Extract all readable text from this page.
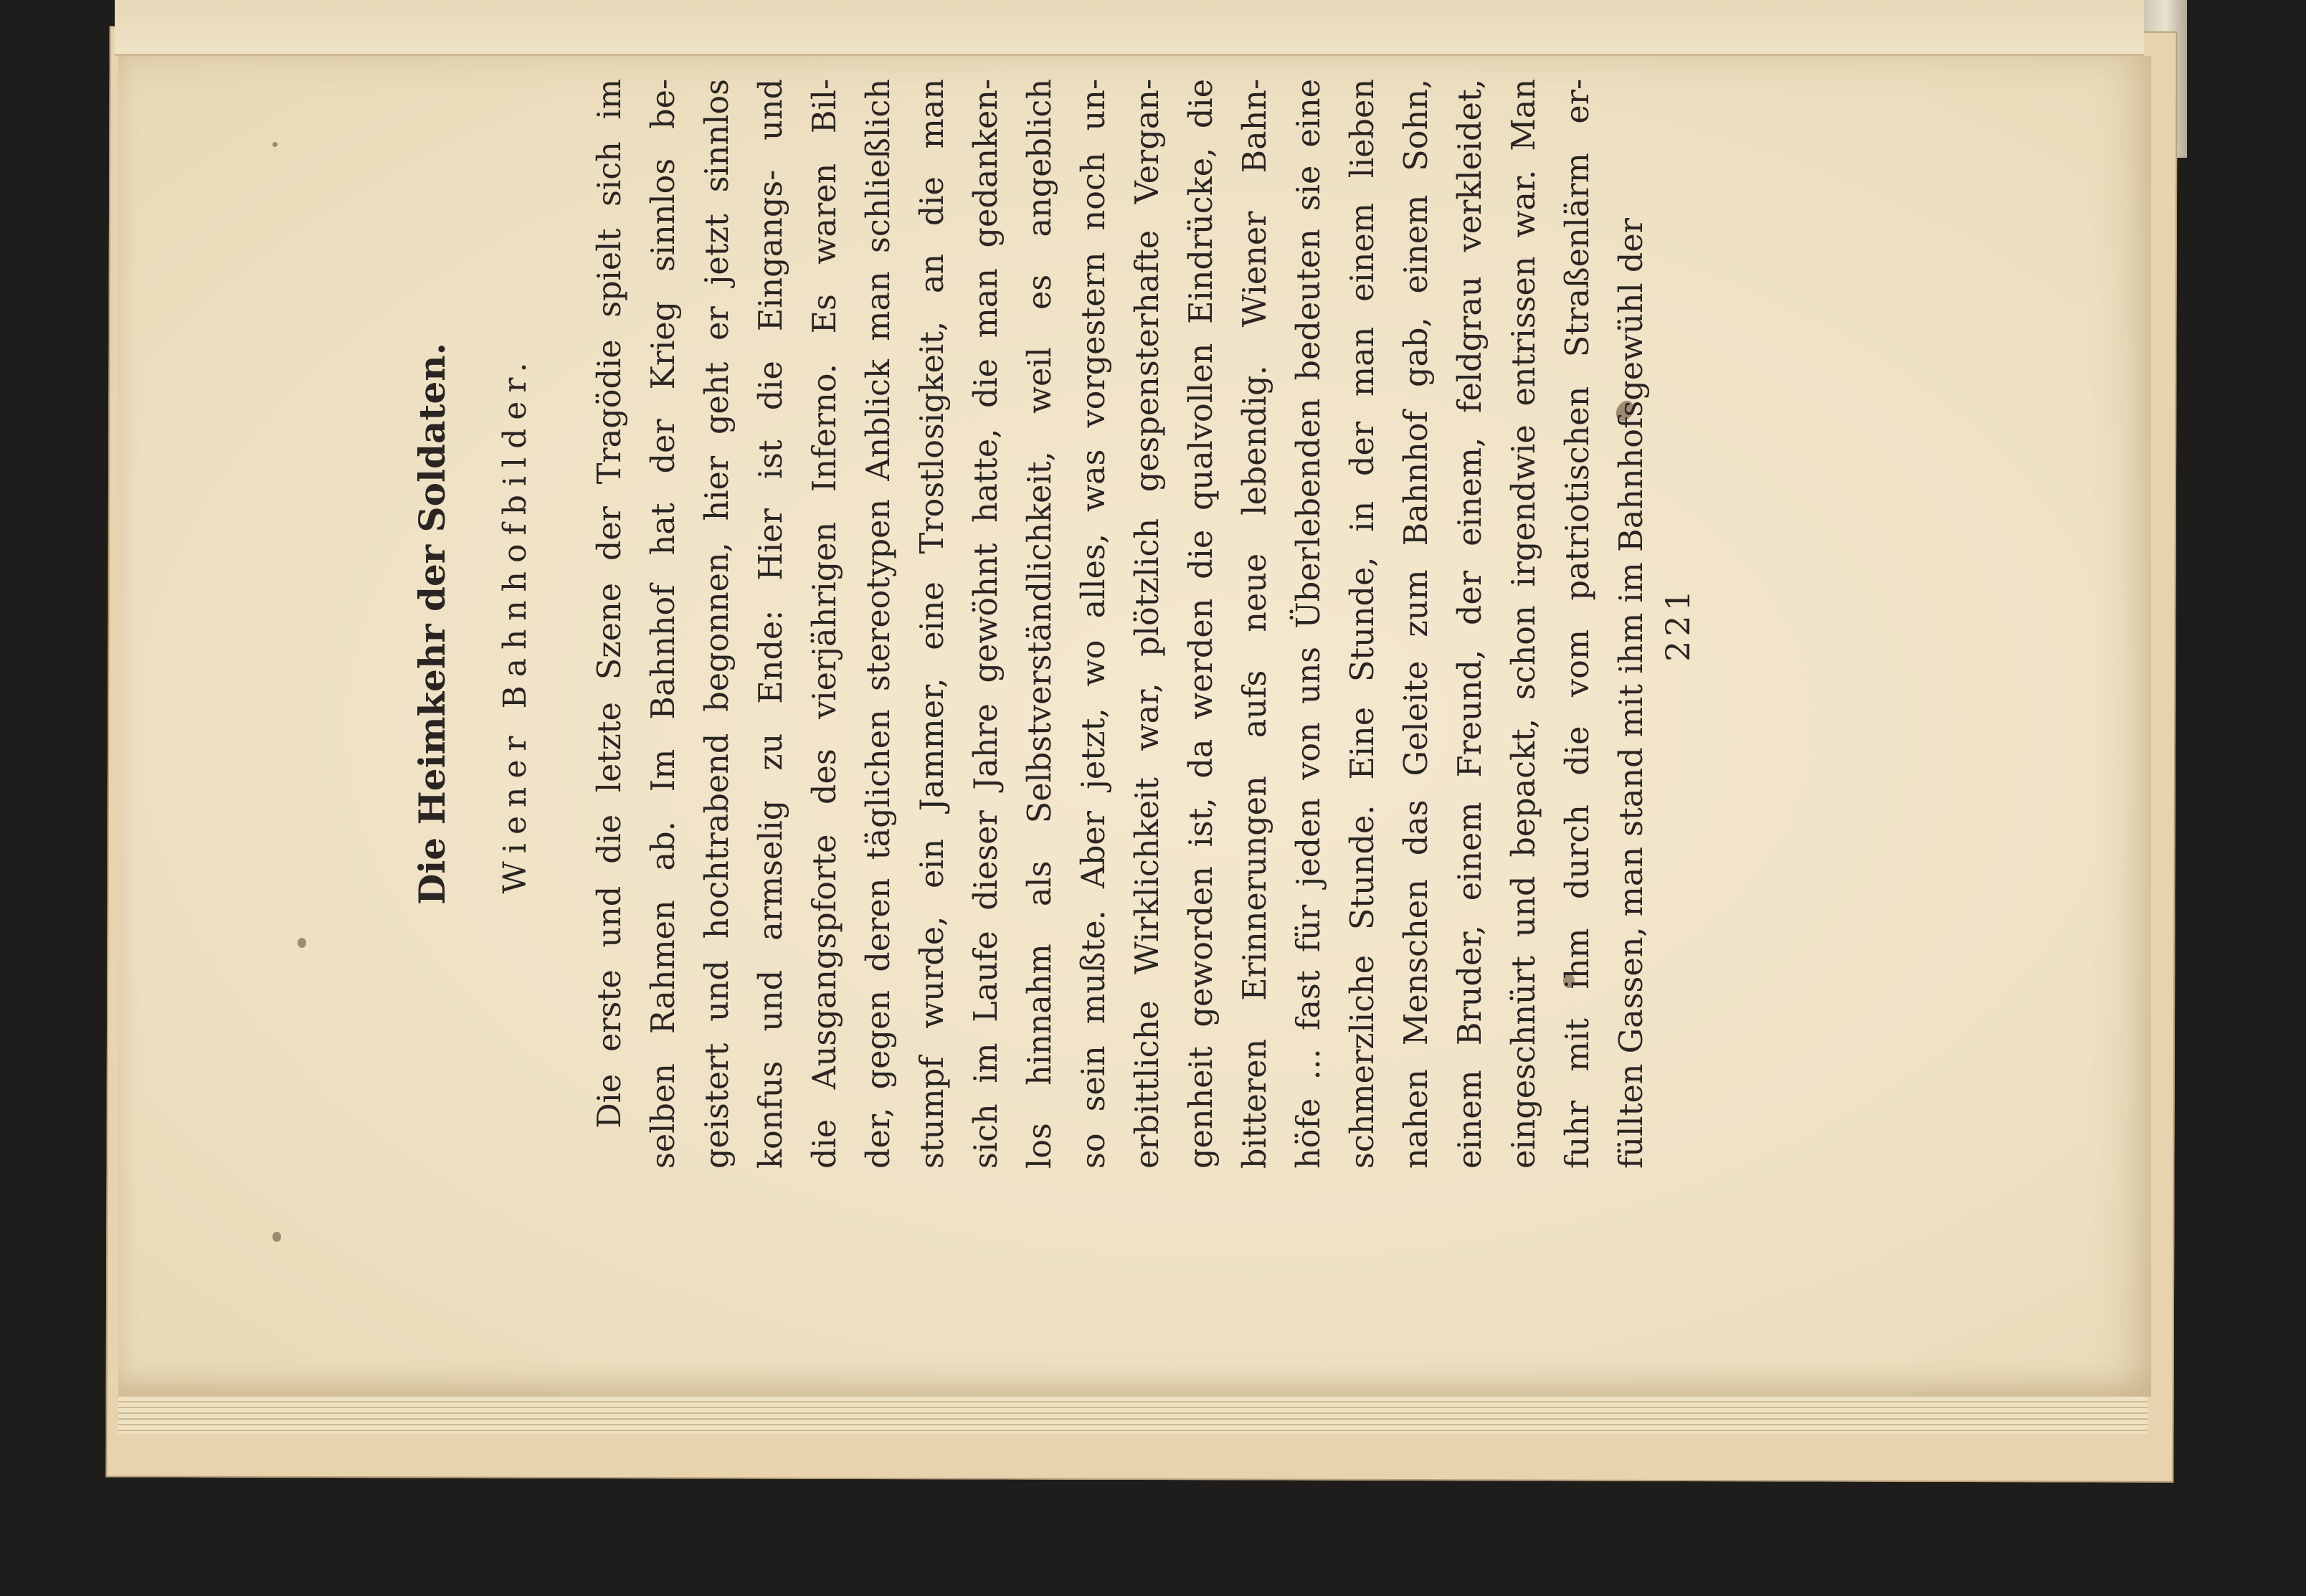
Die Heimkehr der Soldaten. Wiener Bahnhofbilder. Die erste und die letzte Szene der Tragödie spielt sich im selben Rahmen ab. Im Bahnhof hat der Krieg sinnlos be- geistert und hochtrabend begonnen, hier geht er jetzt sinnlos konfus und armselig zu Ende: Hier ist die Eingangs- und die Ausgangspforte des vierjährigen Inferno. Es waren Bil- der, gegen deren täglichen stereotypen Anblick man schließlich stumpf wurde, ein Jammer, eine Trostlosigkeit, an die man sich im Laufe dieser Jahre gewöhnt hatte, die man gedanken- los hinnahm als Selbstverständlichkeit, weil es angeblich so sein mußte. Aber jetzt, wo alles, was vorgestern noch un- erbittliche Wirklichkeit war, plötzlich gespensterhafte Vergan- genheit geworden ist, da werden die qualvollen Eindrücke, die bitteren Erinnerungen aufs neue lebendig. Wiener Bahn- höfe … fast für jeden von uns Überlebenden bedeuten sie eine schmerzliche Stunde. Eine Stunde, in der man einem lieben nahen Menschen das Geleite zum Bahnhof gab, einem Sohn, einem Bruder, einem Freund, der einem, feldgrau verkleidet, eingeschnürt und bepackt, schon irgendwie entrissen war. Man fuhr mit ihm durch die vom patriotischen Straßenlärm er- füllten Gassen, man stand mit ihm im Bahnhofsgewühl der 221
